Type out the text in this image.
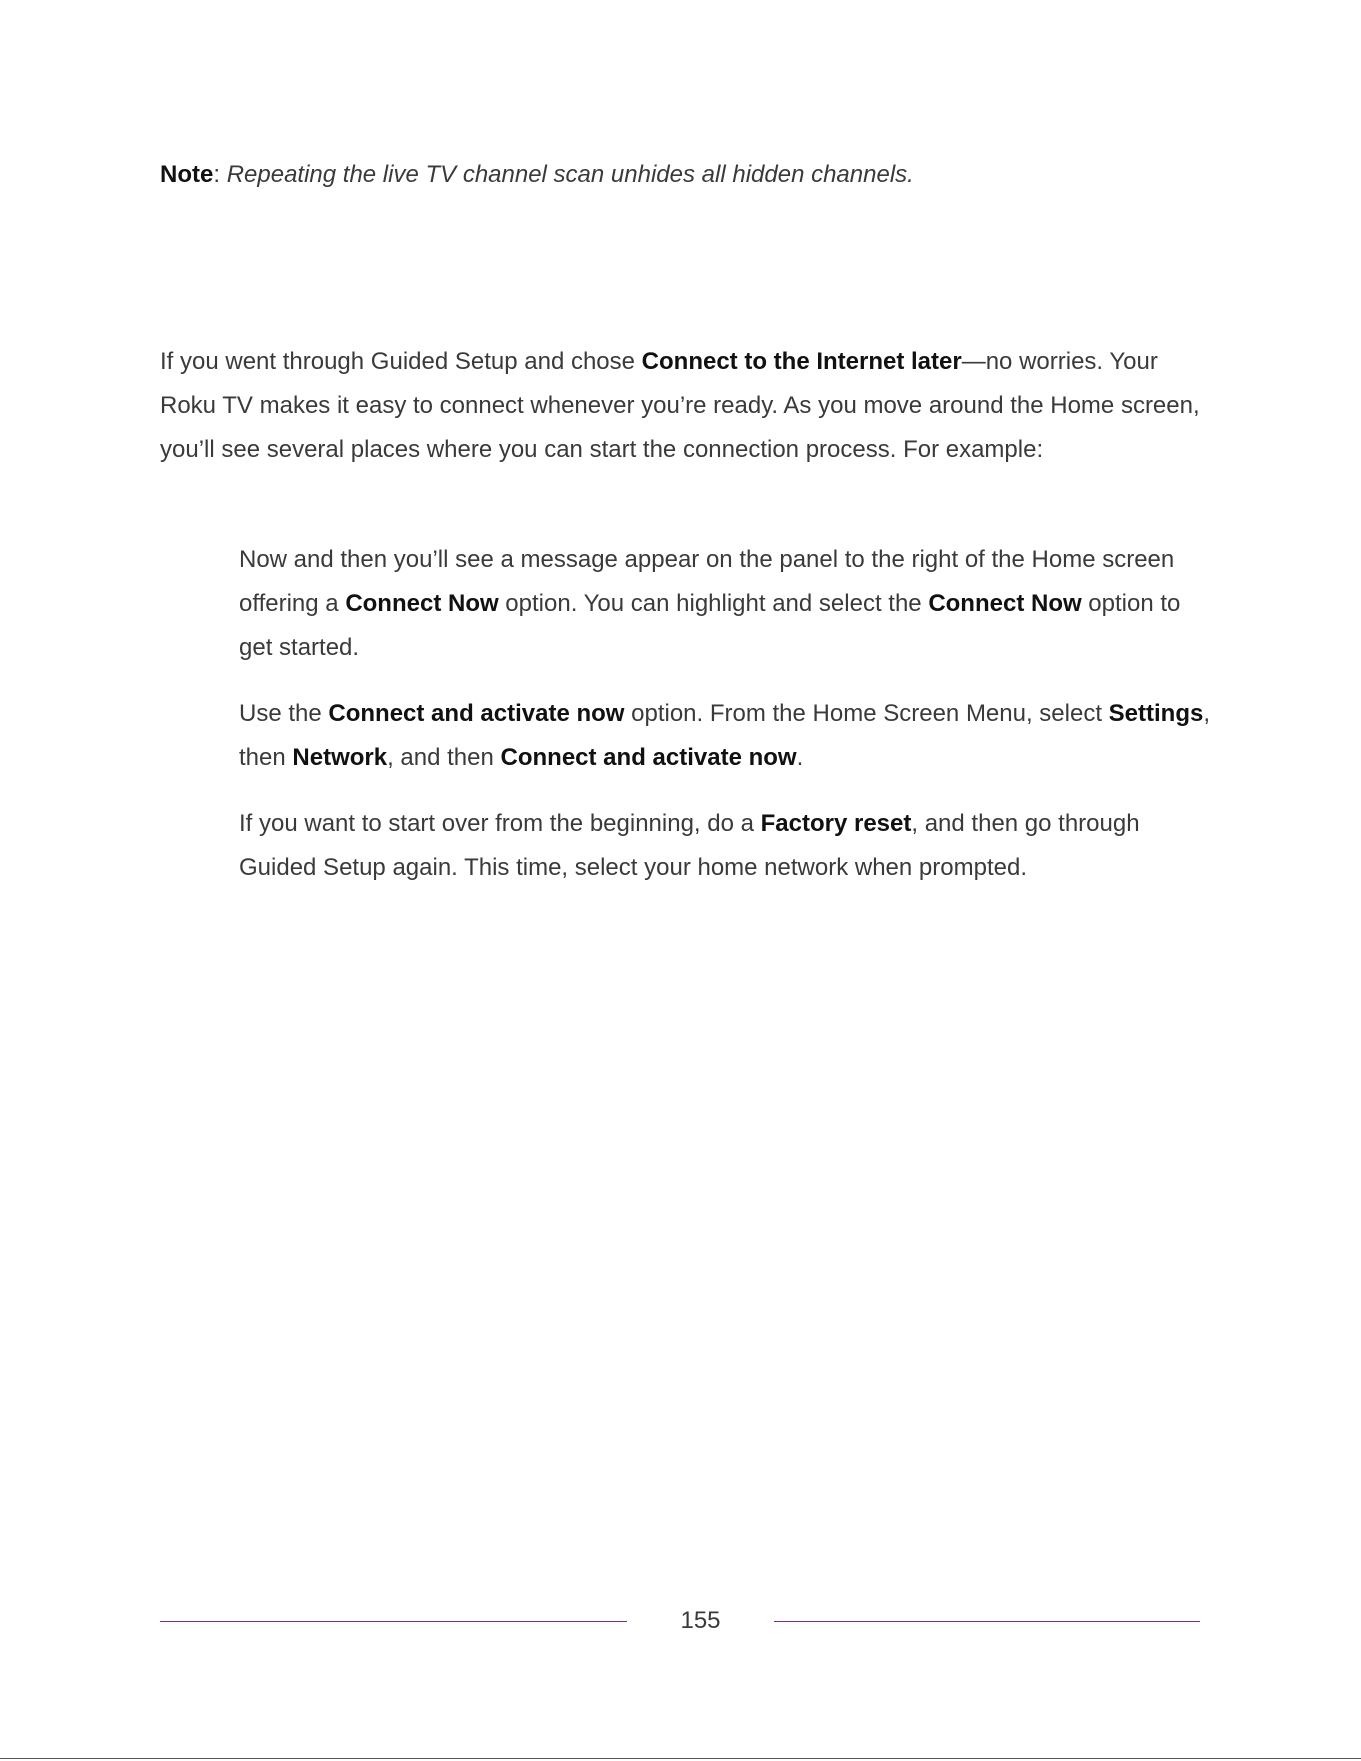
Note: Repeating the live TV channel scan unhides all hidden channels.

If you went through Guided Setup and chose Connect to the Internet later—no worries. Your Roku TV makes it easy to connect whenever you’re ready. As you move around the Home screen, you’ll see several places where you can start the connection process. For example:

Now and then you’ll see a message appear on the panel to the right of the Home screen offering a Connect Now option. You can highlight and select the Connect Now option to get started.
Use the Connect and activate now option. From the Home Screen Menu, select Settings, then Network, and then Connect and activate now.
If you want to start over from the beginning, do a Factory reset, and then go through Guided Setup again. This time, select your home network when prompted.
155
